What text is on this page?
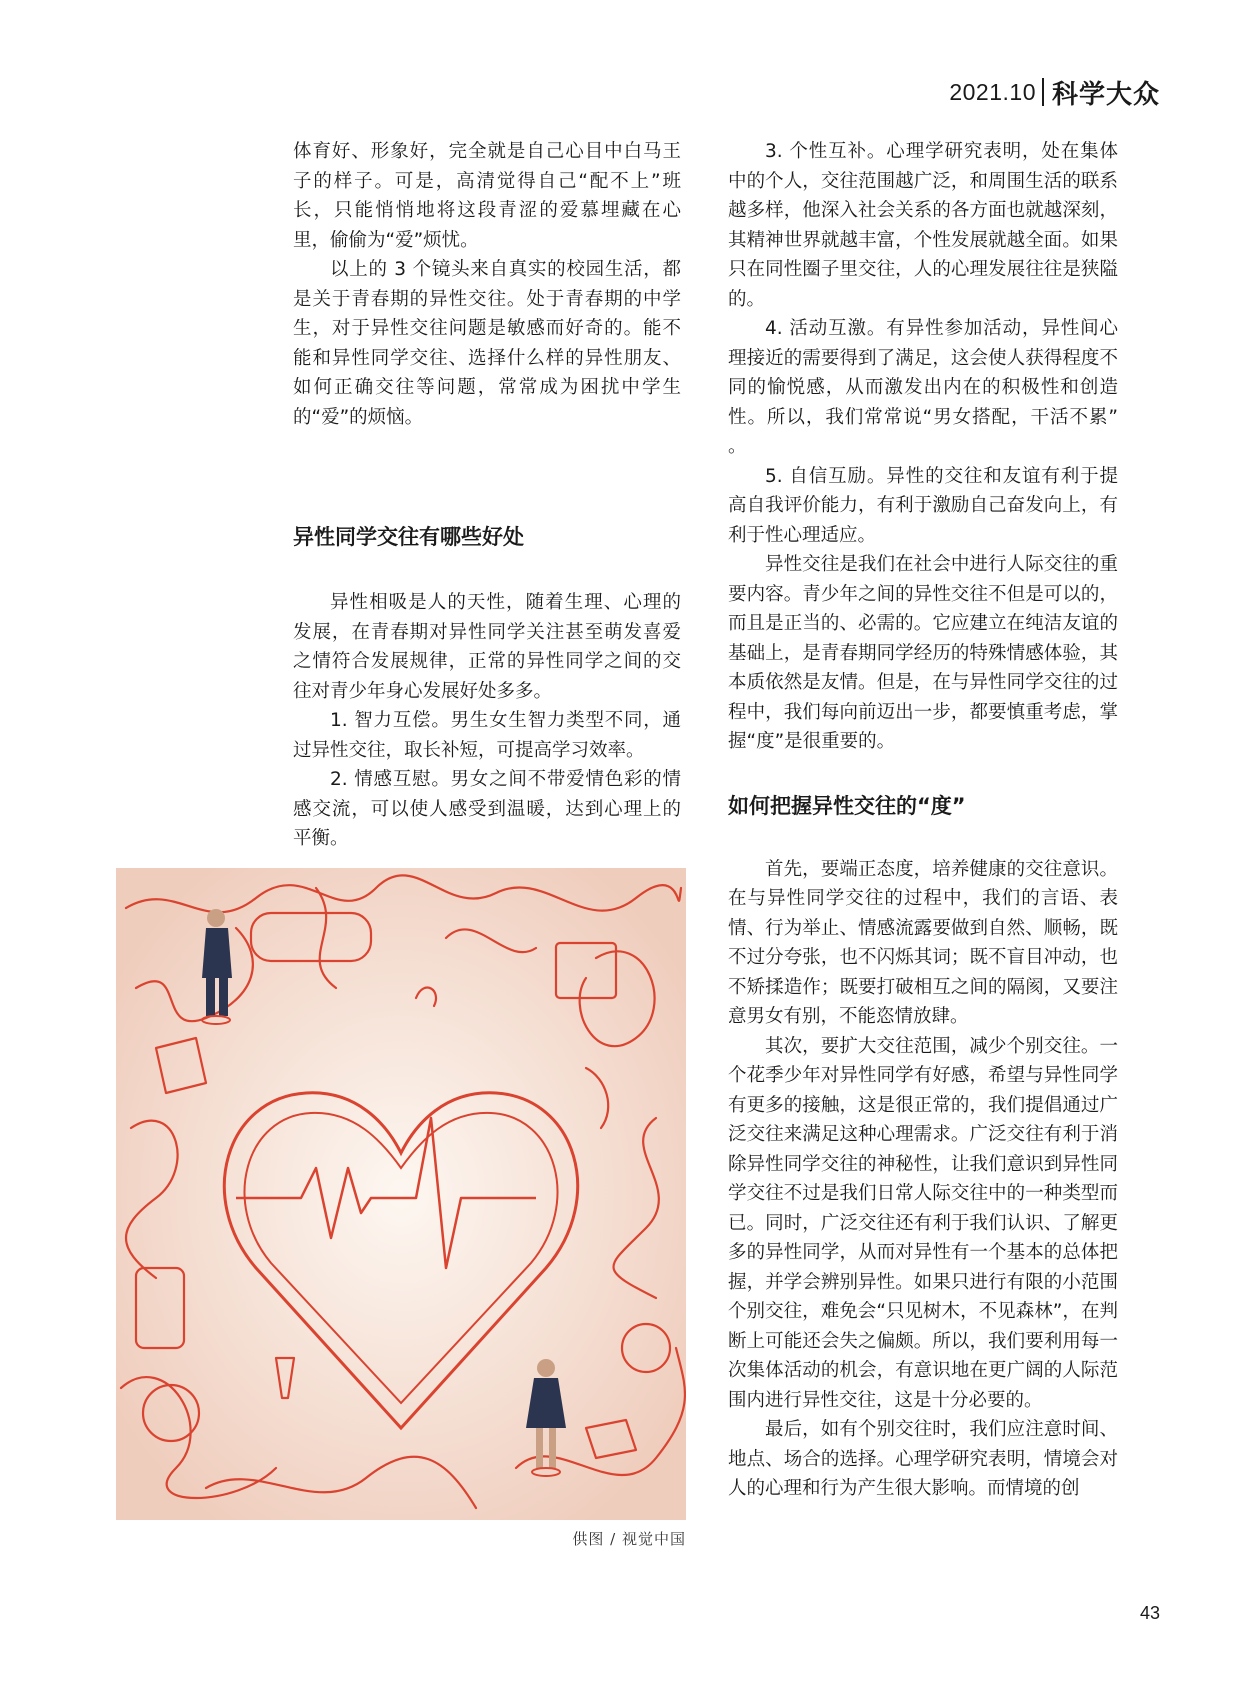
2021.10 科学大众

体育好、形象好，完全就是自己心目中白马王子的样子。可是，高清觉得自己“配不上”班长，只能悄悄地将这段青涩的爱慕埋藏在心里，偷偷为“爱”烦忧。

以上的 3 个镜头来自真实的校园生活，都是关于青春期的异性交往。处于青春期的中学生，对于异性交往问题是敏感而好奇的。能不能和异性同学交往、选择什么样的异性朋友、如何正确交往等问题，常常成为困扰中学生的“爱”的烦恼。

异性同学交往有哪些好处

异性相吸是人的天性，随着生理、心理的发展，在青春期对异性同学关注甚至萌发喜爱之情符合发展规律，正常的异性同学之间的交往对青少年身心发展好处多多。

1. 智力互偿。男生女生智力类型不同，通过异性交往，取长补短，可提高学习效率。

2. 情感互慰。男女之间不带爱情色彩的情感交流，可以使人感受到温暖，达到心理上的平衡。

3. 个性互补。心理学研究表明，处在集体中的个人，交往范围越广泛，和周围生活的联系越多样，他深入社会关系的各方面也就越深刻，其精神世界就越丰富，个性发展就越全面。如果只在同性圈子里交往，人的心理发展往往是狭隘的。

4. 活动互激。有异性参加活动，异性间心理接近的需要得到了满足，这会使人获得程度不同的愉悦感，从而激发出内在的积极性和创造性。所以，我们常常说“男女搭配，干活不累” 。

5. 自信互励。异性的交往和友谊有利于提高自我评价能力，有利于激励自己奋发向上，有利于性心理适应。

异性交往是我们在社会中进行人际交往的重要内容。青少年之间的异性交往不但是可以的，而且是正当的、必需的。它应建立在纯洁友谊的基础上，是青春期同学经历的特殊情感体验，其本质依然是友情。但是，在与异性同学交往的过程中，我们每向前迈出一步，都要慎重考虑，掌握“度”是很重要的。

如何把握异性交往的“度”

首先，要端正态度，培养健康的交往意识。在与异性同学交往的过程中，我们的言语、表情、行为举止、情感流露要做到自然、顺畅，既不过分夸张，也不闪烁其词；既不盲目冲动，也不矫揉造作；既要打破相互之间的隔阂，又要注意男女有别，不能恣情放肆。

其次，要扩大交往范围，减少个别交往。一个花季少年对异性同学有好感，希望与异性同学有更多的接触，这是很正常的，我们提倡通过广泛交往来满足这种心理需求。广泛交往有利于消除异性同学交往的神秘性，让我们意识到异性同学交往不过是我们日常人际交往中的一种类型而已。同时，广泛交往还有利于我们认识、了解更多的异性同学，从而对异性有一个基本的总体把握，并学会辨别异性。如果只进行有限的小范围个别交往，难免会“只见树木，不见森林”，在判断上可能还会失之偏颇。所以，我们要利用每一次集体活动的机会，有意识地在更广阔的人际范围内进行异性交往，这是十分必要的。

最后，如有个别交往时，我们应注意时间、地点、场合的选择。心理学研究表明，情境会对人的心理和行为产生很大影响。而情境的创

供图 / 视觉中国
43
